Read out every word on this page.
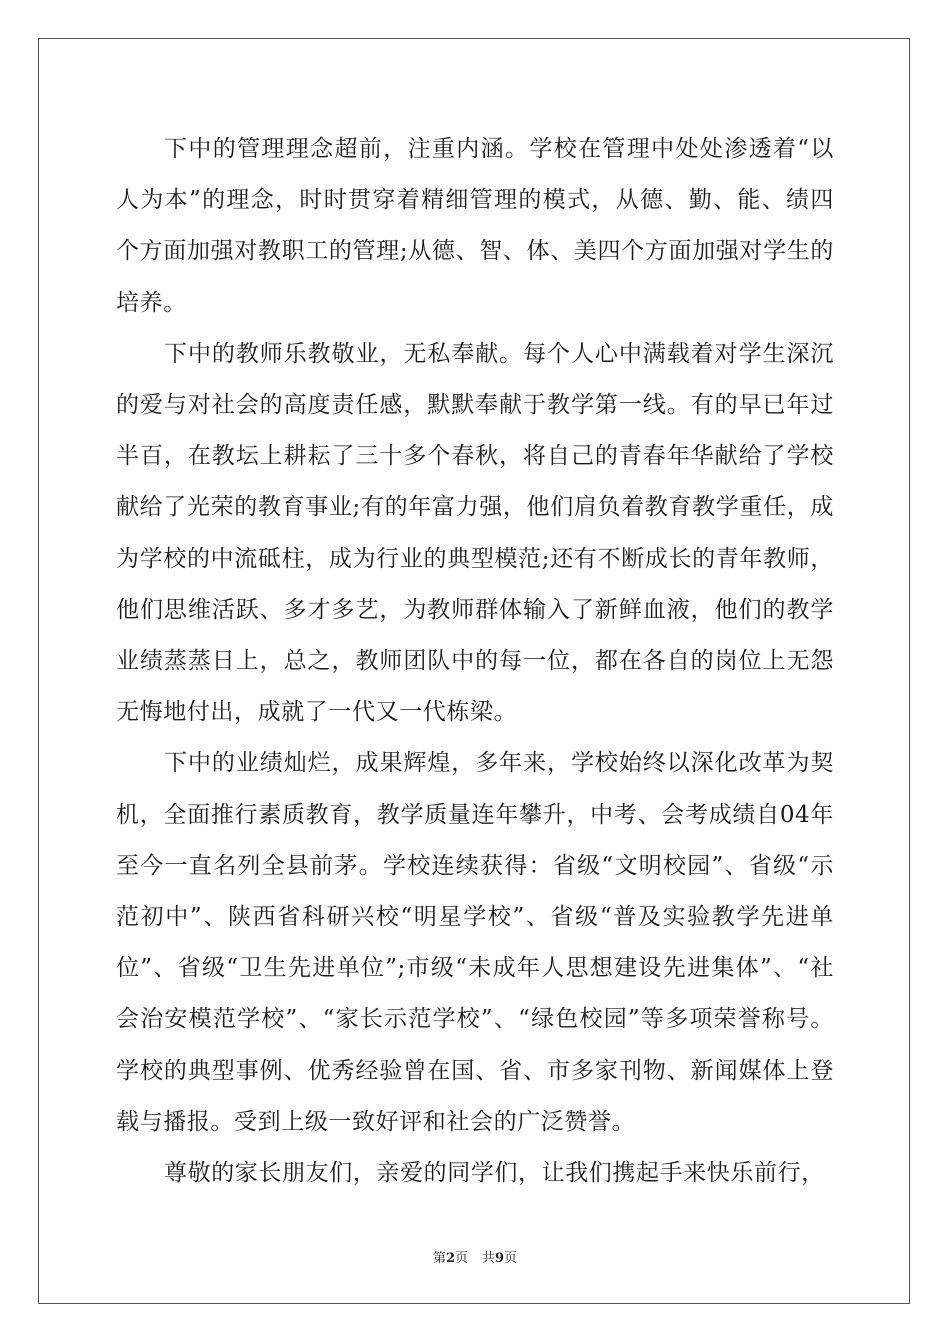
下中的管理理念超前，注重内涵。学校在管理中处处渗透着“以人为本”的理念，时时贯穿着精细管理的模式，从德、勤、能、绩四个方面加强对教职工的管理;从德、智、体、美四个方面加强对学生的培养。

下中的教师乐教敬业，无私奉献。每个人心中满载着对学生深沉的爱与对社会的高度责任感，默默奉献于教学第一线。有的早已年过半百，在教坛上耕耘了三十多个春秋，将自己的青春年华献给了学校献给了光荣的教育事业;有的年富力强，他们肩负着教育教学重任，成为学校的中流砥柱，成为行业的典型模范;还有不断成长的青年教师，他们思维活跃、多才多艺，为教师群体输入了新鲜血液，他们的教学业绩蒸蒸日上，总之，教师团队中的每一位，都在各自的岗位上无怨无悔地付出，成就了一代又一代栋梁。

下中的业绩灿烂，成果辉煌，多年来，学校始终以深化改革为契机，全面推行素质教育，教学质量连年攀升，中考、会考成绩自04年至今一直名列全县前茅。学校连续获得：省级“文明校园”、省级“示范初中”、陕西省科研兴校“明星学校”、省级“普及实验教学先进单位”、省级“卫生先进单位”;市级“未成年人思想建设先进集体”、“社会治安模范学校”、“家长示范学校”、“绿色校园”等多项荣誉称号。学校的典型事例、优秀经验曾在国、省、市多家刊物、新闻媒体上登载与播报。受到上级一致好评和社会的广泛赞誉。

尊敬的家长朋友们，亲爱的同学们，让我们携起手来快乐前行，

第2页 共9页
